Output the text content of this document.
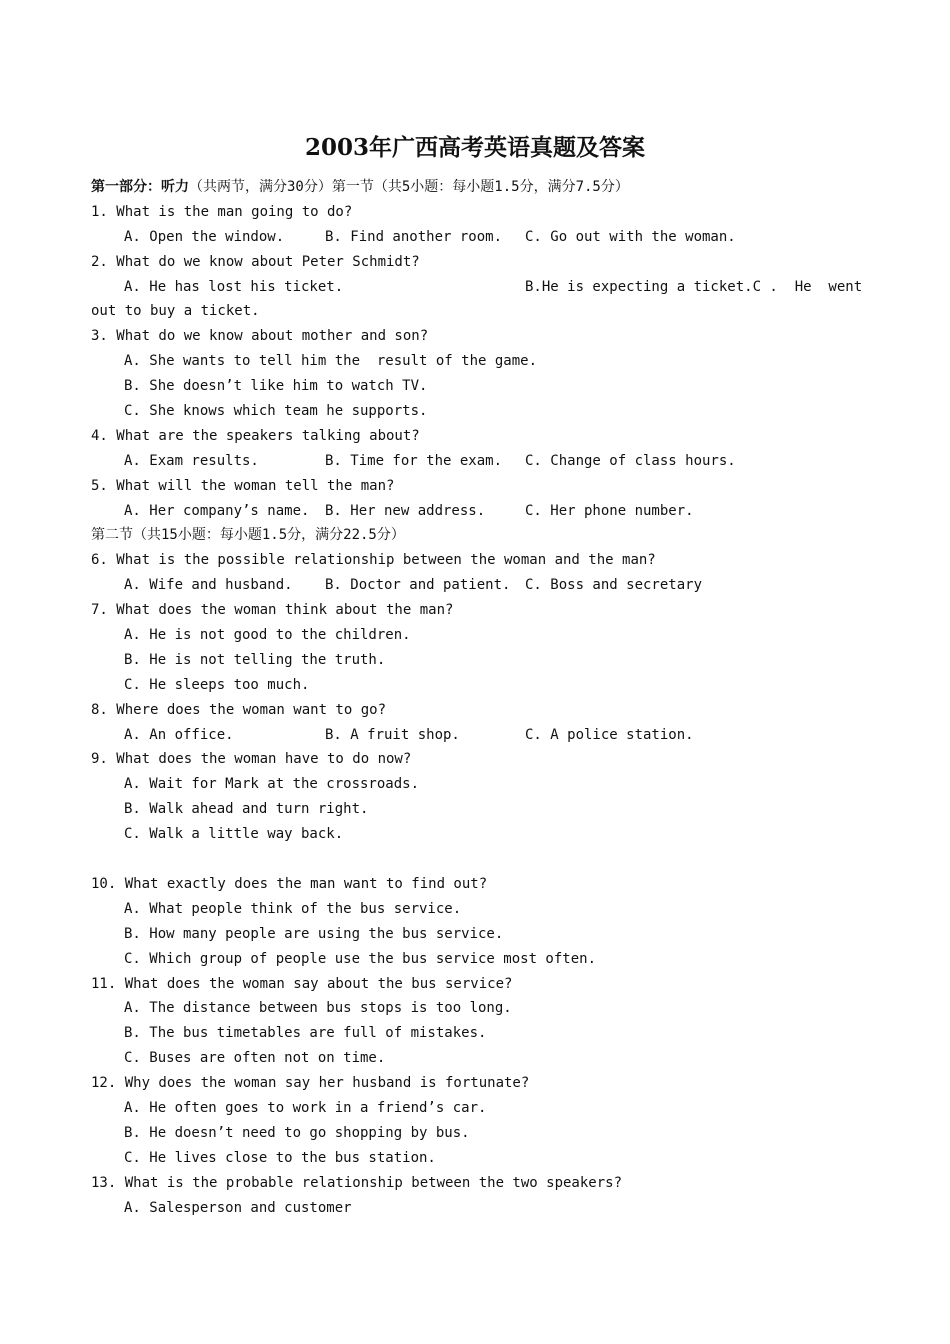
2003年广西高考英语真题及答案
第一部分：听力（共两节，满分30分）第一节（共5小题：每小题1.5分，满分7.5分）
1. What is the man going to do?

A. Open the window.

	B. Find another room.

C. Go out with the woman.

2. What do we know about Peter Schmidt?

A. He has lost his ticket.

	B.He is expecting a ticket.C .  He  went

out to buy a ticket.
3. What do we know about mother and son?
A. She wants to tell him the  result of the game.
B. She doesn’t like him to watch TV.
C. She knows which team he supports.
4. What are the speakers talking about?

A. Exam results.

	B. Time for the exam.

C. Change of class hours.

5. What will the woman tell the man?

A. Her company’s name.

B. Her new address.

	C. Her phone number.

第二节（共15小题：每小题1.5分，满分22.5分）
6. What is the possible relationship between the woman and the man?

A. Wife and husband.

B. Doctor and patient.

C. Boss and secretary

7. What does the woman think about the man?
A. He is not good to the children.
B. He is not telling the truth.
C. He sleeps too much.
8. Where does the woman want to go?

A. An office.

	B. A fruit shop.

	C. A police station.

9. What does the woman have to do now?
A. Wait for Mark at the crossroads.
B. Walk ahead and turn right.
C. Walk a little way back.
10. What exactly does the man want to find out?
A. What people think of the bus service.
B. How many people are using the bus service.
C. Which group of people use the bus service most often.
11. What does the woman say about the bus service?
A. The distance between bus stops is too long.
B. The bus timetables are full of mistakes.
C. Buses are often not on time.
12. Why does the woman say her husband is fortunate?
A. He often goes to work in a friend’s car.
B. He doesn’t need to go shopping by bus.
C. He lives close to the bus station.
13. What is the probable relationship between the two speakers?
A. Salesperson and customer
